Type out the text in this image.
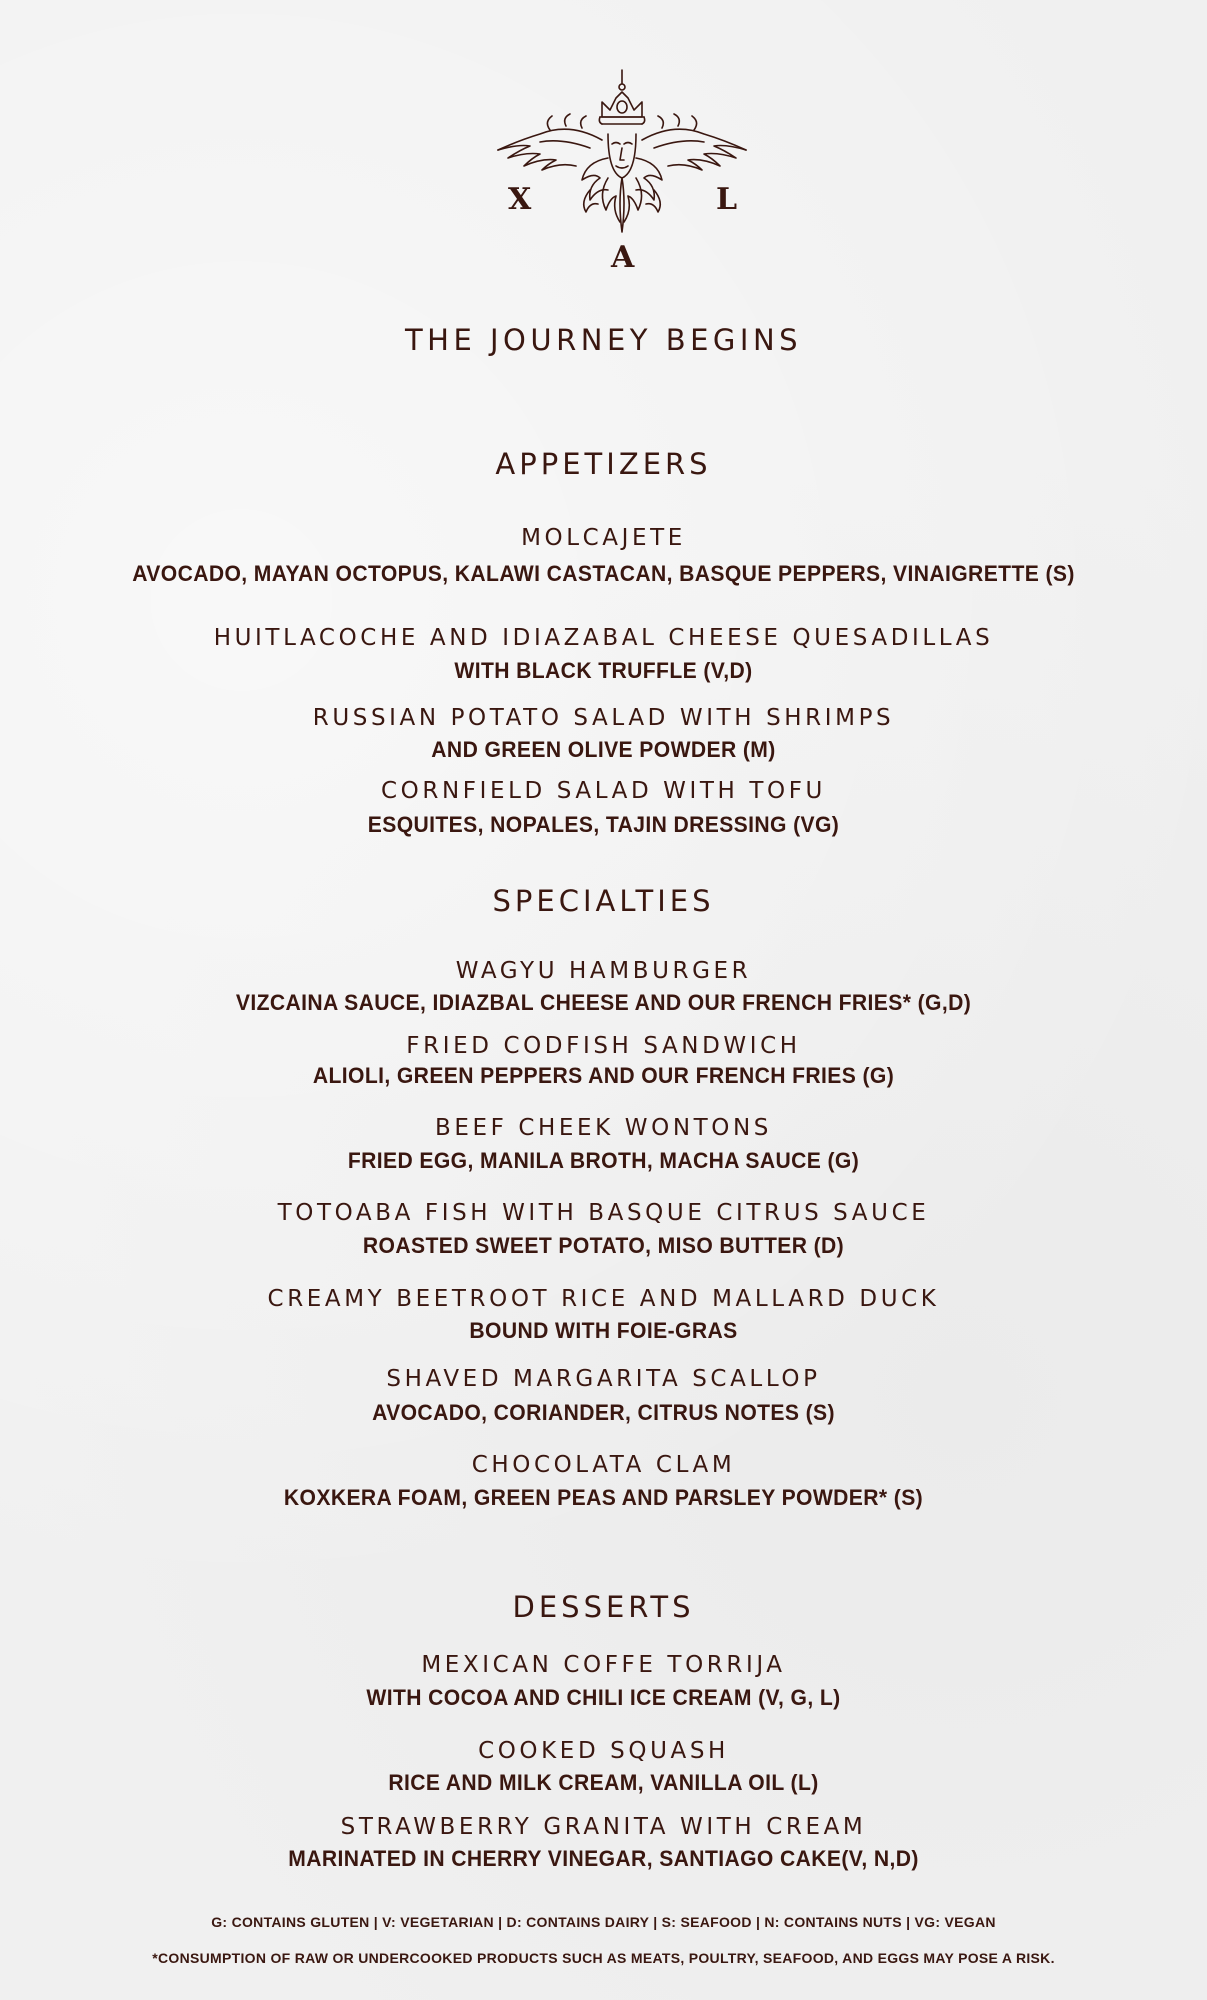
X	L
A
THE JOURNEY BEGINS
APPETIZERS
MOLCAJETE
AVOCADO, MAYAN OCTOPUS, KALAWI CASTACAN, BASQUE PEPPERS, VINAIGRETTE (S)
HUITLACOCHE AND IDIAZABAL CHEESE QUESADILLAS
WITH BLACK TRUFFLE (V,D)
RUSSIAN POTATO SALAD WITH SHRIMPS
AND GREEN OLIVE POWDER (M)
CORNFIELD SALAD WITH TOFU
ESQUITES, NOPALES, TAJIN DRESSING (VG)
SPECIALTIES
WAGYU HAMBURGER
VIZCAINA SAUCE, IDIAZBAL CHEESE AND OUR FRENCH FRIES* (G,D)
FRIED CODFISH SANDWICH
ALIOLI, GREEN PEPPERS AND OUR FRENCH FRIES (G)
BEEF CHEEK WONTONS
FRIED EGG, MANILA BROTH, MACHA SAUCE (G)
TOTOABA FISH WITH BASQUE CITRUS SAUCE
ROASTED SWEET POTATO, MISO BUTTER (D)
CREAMY BEETROOT RICE AND MALLARD DUCK
BOUND WITH FOIE-GRAS
SHAVED MARGARITA SCALLOP
AVOCADO, CORIANDER, CITRUS NOTES (S)
CHOCOLATA CLAM
KOXKERA FOAM, GREEN PEAS AND PARSLEY POWDER* (S)
DESSERTS
MEXICAN COFFE TORRIJA
WITH COCOA AND CHILI ICE CREAM (V, G, L)
COOKED SQUASH
RICE AND MILK CREAM, VANILLA OIL (L)
STRAWBERRY GRANITA WITH CREAM
MARINATED IN CHERRY VINEGAR, SANTIAGO CAKE(V, N,D)
G: CONTAINS GLUTEN | V: VEGETARIAN | D: CONTAINS DAIRY | S: SEAFOOD | N: CONTAINS NUTS | VG: VEGAN
*CONSUMPTION OF RAW OR UNDERCOOKED PRODUCTS SUCH AS MEATS, POULTRY, SEAFOOD, AND EGGS MAY POSE A RISK.
